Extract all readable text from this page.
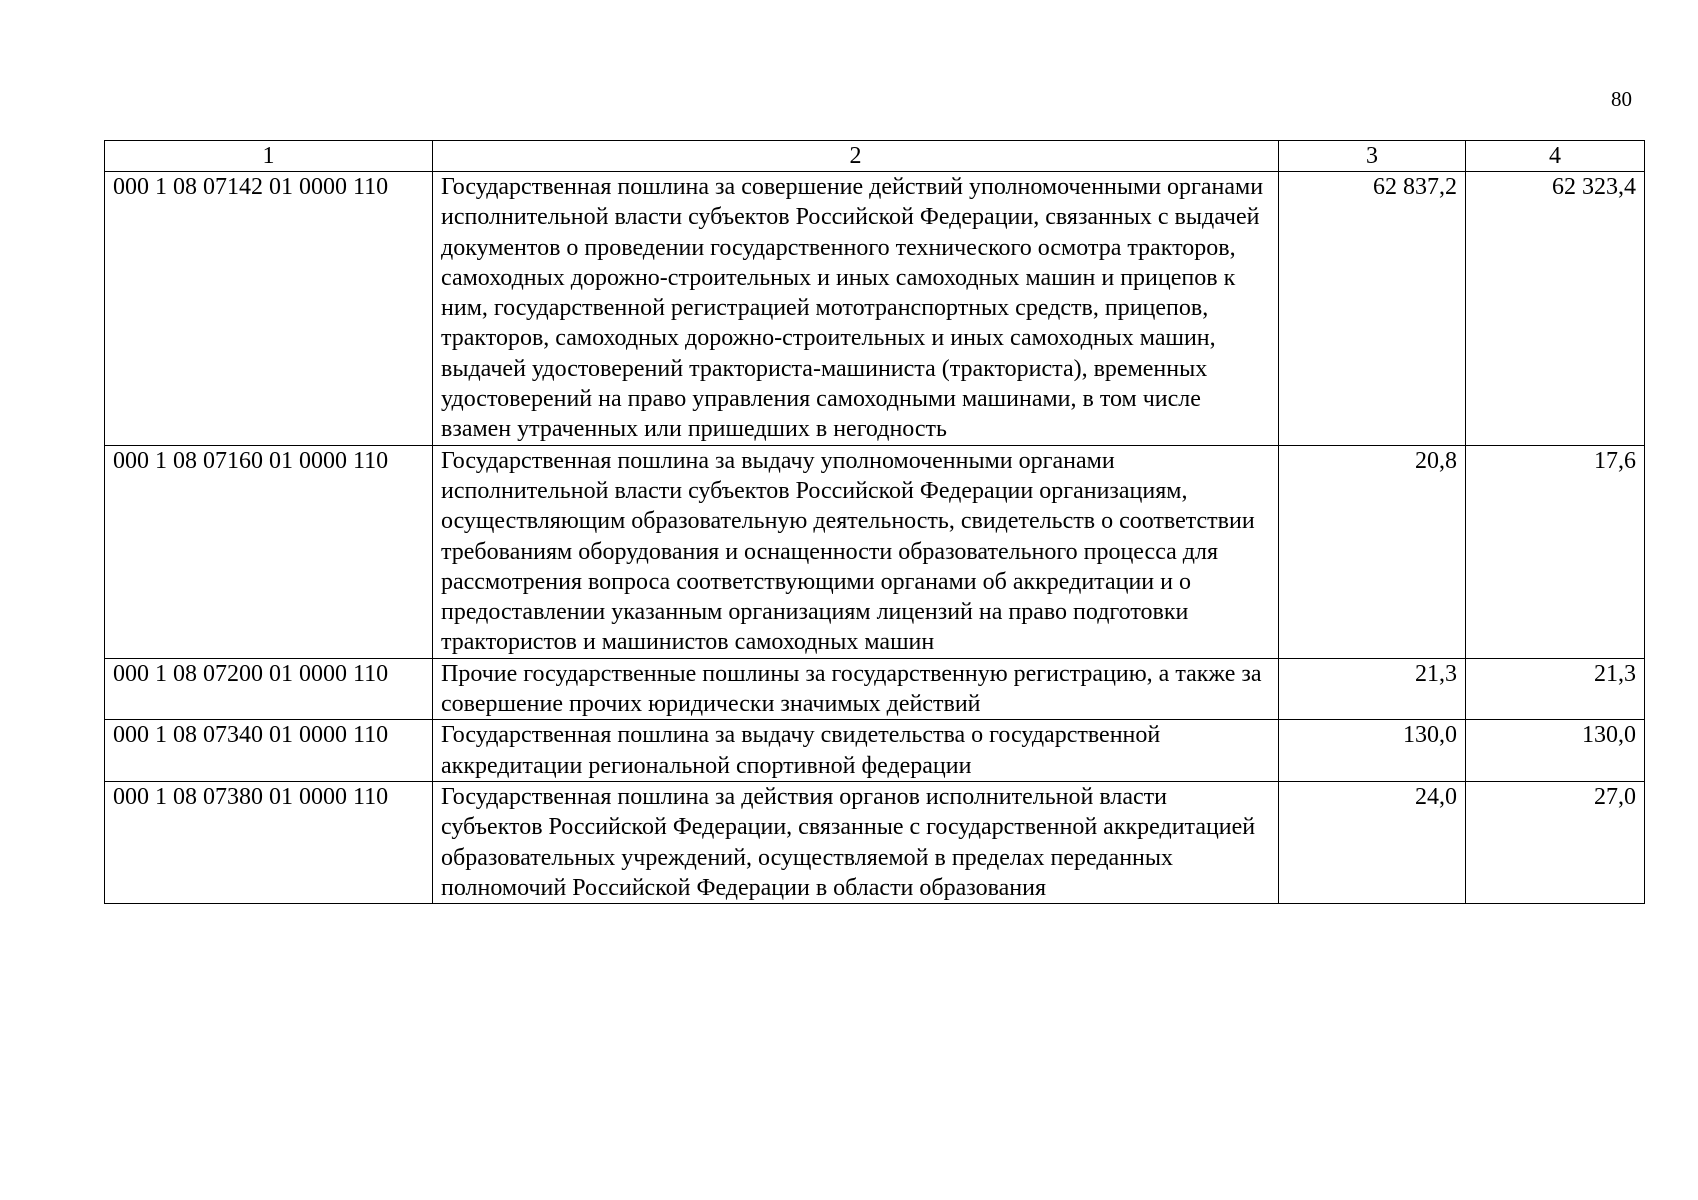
80
1	2	3	4
000 1 08 07142 01 0000 110	Государственная пошлина за совершение действий уполномоченными органами исполнительной власти субъектов Российской Федерации, связанных с выдачей документов о проведении государственного технического осмотра тракторов, самоходных дорожно-строительных и иных самоходных машин и прицепов к ним, государственной регистрацией мототранспортных средств, прицепов, тракторов, самоходных дорожно-строительных и иных самоходных машин, выдачей удостоверений тракториста-машиниста (тракториста), временных удостоверений на право управления самоходными машинами, в том числе взамен утраченных или пришедших в негодность	62 837,2	62 323,4
000 1 08 07160 01 0000 110	Государственная пошлина за выдачу уполномоченными органами исполнительной власти субъектов Российской Федерации организациям, осуществляющим образовательную деятельность, свидетельств о соответствии требованиям оборудования и оснащенности образовательного процесса для рассмотрения вопроса соответствующими органами об аккредитации и о предоставлении указанным организациям лицензий на право подготовки трактористов и машинистов самоходных машин	20,8	17,6
000 1 08 07200 01 0000 110	Прочие государственные пошлины за государственную регистрацию, а также за совершение прочих юридически значимых действий	21,3	21,3
000 1 08 07340 01 0000 110	Государственная пошлина за выдачу свидетельства о государственной аккредитации региональной спортивной федерации	130,0	130,0
000 1 08 07380 01 0000 110	Государственная пошлина за действия органов исполнительной власти субъектов Российской Федерации, связанные с государственной аккредитацией образовательных учреждений, осуществляемой в пределах переданных полномочий Российской Федерации в области образования	24,0	27,0
